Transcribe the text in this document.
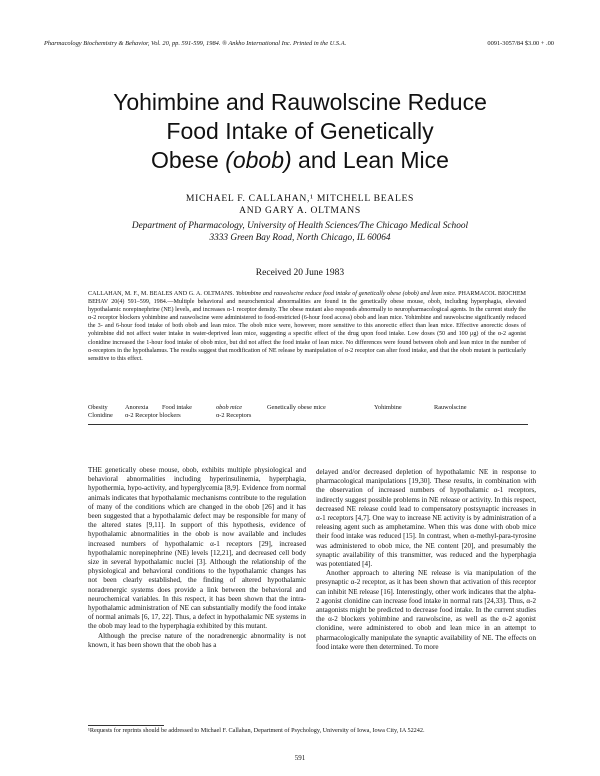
Pharmacology Biochemistry & Behavior, Vol. 20, pp. 591-599, 1984. ® Ankho International Inc. Printed in the U.S.A.	0091-3057/84 $3.00 + .00
Yohimbine and Rauwolscine Reduce
Food Intake of Genetically
Obese (obob) and Lean Mice
MICHAEL F. CALLAHAN,¹ MITCHELL BEALES
AND GARY A. OLTMANS
Department of Pharmacology, University of Health Sciences/The Chicago Medical School
3333 Green Bay Road, North Chicago, IL 60064
Received 20 June 1983
CALLAHAN, M. F., M. BEALES AND G. A. OLTMANS. Yohimbine and rauwolscine reduce food intake of genetically obese (obob) and lean mice. PHARMACOL BIOCHEM BEHAV 20(4) 591–599, 1984.—Multiple behavioral and neurochemical abnormalities are found in the genetically obese mouse, obob, including hyperphagia, elevated hypothalamic norepinephrine (NE) levels, and increases α-1 receptor density. The obese mutant also responds abnormally to neuropharmacological agents. In the current study the α-2 receptor blockers yohimbine and rauwolscine were administered to food-restricted (6-hour food access) obob and lean mice. Yohimbine and rauwolscine significantly reduced the 3- and 6-hour food intake of both obob and lean mice. The obob mice were, however, more sensitive to this anorectic effect than lean mice. Effective anorectic doses of yohimbine did not affect water intake in water-deprived lean mice, suggesting a specific effect of the drug upon food intake. Low doses (50 and 100 μg) of the α-2 agonist clonidine increased the 1-hour food intake of obob mice, but did not affect the food intake of lean mice. No differences were found between obob and lean mice in the number of α-receptors in the hypothalamus. The results suggest that modification of NE release by manipulation of α-2 receptor can alter food intake, and that the obob mutant is particularly sensitive to this effect.
Obesity	Anorexia	Food intake	obob mice	Genetically obese mice	Yohimbine	Rauwolscine
Clonidine	α-2 Receptor blockers	α-2 Receptors

THE genetically obese mouse, obob, exhibits multiple physiological and behavioral abnormalities including hyperinsulinemia, hyperphagia, hypothermia, hypo-activity, and hyperglycemia [8,9]. Evidence from normal animals indicates that hypothalamic mechanisms contribute to the regulation of many of the conditions which are changed in the obob [26] and it has been suggested that a hypothalamic defect may be responsible for many of the altered states [9,11]. In support of this hypothesis, evidence of hypothalamic abnormalities in the obob is now available and includes increased numbers of hypothalamic α-1 receptors [29], increased hypothalamic norepinephrine (NE) levels [12,21], and decreased cell body size in several hypothalamic nuclei [3]. Although the relationship of the physiological and behavioral conditions to the hypothalamic changes has not been clearly established, the finding of altered hypothalamic noradrenergic systems does provide a link between the behavioral and neurochemical variables. In this respect, it has been shown that the intra-hypothalamic administration of NE can substantially modify the food intake of normal animals [6, 17, 22]. Thus, a defect in hypothalamic NE systems in the obob may lead to the hyperphagia exhibited by this mutant.

Although the precise nature of the noradrenergic abnormality is not known, it has been shown that the obob has a

delayed and/or decreased depletion of hypothalamic NE in response to pharmacological manipulations [19,30]. These results, in combination with the observation of increased numbers of hypothalamic α-1 receptors, indirectly suggest possible problems in NE release or activity. In this respect, decreased NE release could lead to compensatory postsynaptic increases in α-1 receptors [4,7]. One way to increase NE activity is by administration of a releasing agent such as amphetamine. When this was done with obob mice their food intake was reduced [15]. In contrast, when α-methyl-para-tyrosine was administered to obob mice, the NE content [20], and presumably the synaptic availability of this transmitter, was reduced and the hyperphagia was potentiated [4].

Another approach to altering NE release is via manipulation of the presynaptic α-2 receptor, as it has been shown that activation of this receptor can inhibit NE release [16]. Interestingly, other work indicates that the alpha-2 agonist clonidine can increase food intake in normal rats [24,33]. Thus, α-2 antagonists might be predicted to decrease food intake. In the current studies the α-2 blockers yohimbine and rauwolscine, as well as the α-2 agonist clonidine, were administered to obob and lean mice in an attempt to pharmacologically manipulate the synaptic availability of NE. The effects on food intake were then determined. To more

¹Requests for reprints should be addressed to Michael F. Callahan, Department of Psychology, University of Iowa, Iowa City, IA 52242.
591
